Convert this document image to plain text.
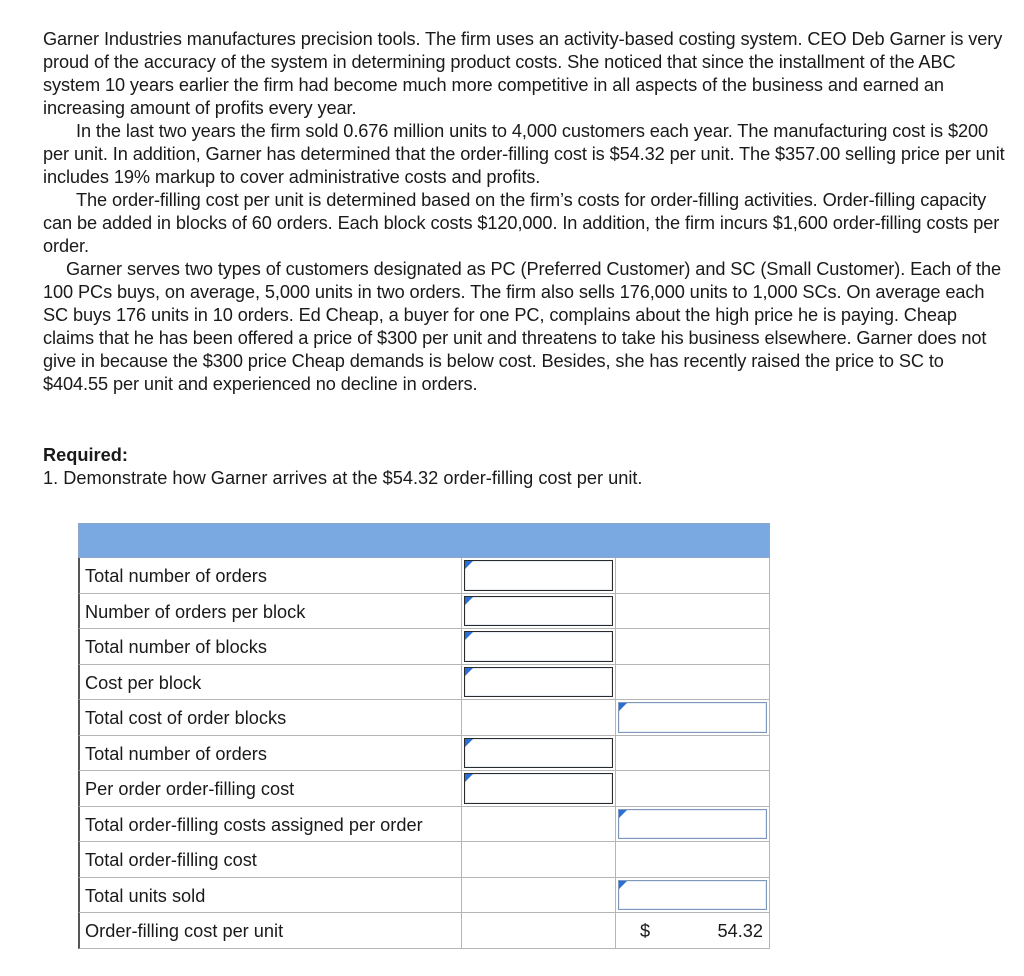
Garner Industries manufactures precision tools. The firm uses an activity-based costing system. CEO Deb Garner is very proud of the accuracy of the system in determining product costs. She noticed that since the installment of the ABC system 10 years earlier the firm had become much more competitive in all aspects of the business and earned an increasing amount of profits every year.

In the last two years the firm sold 0.676 million units to 4,000 customers each year. The manufacturing cost is $200 per unit. In addition, Garner has determined that the order-filling cost is $54.32 per unit. The $357.00 selling price per unit includes 19% markup to cover administrative costs and profits.

The order-filling cost per unit is determined based on the firm’s costs for order-filling activities. Order-filling capacity can be added in blocks of 60 orders. Each block costs $120,000. In addition, the firm incurs $1,600 order-filling costs per order.

Garner serves two types of customers designated as PC (Preferred Customer) and SC (Small Customer). Each of the 100 PCs buys, on average, 5,000 units in two orders. The firm also sells 176,000 units to 1,000 SCs. On average each SC buys 176 units in 10 orders. Ed Cheap, a buyer for one PC, complains about the high price he is paying. Cheap claims that he has been offered a price of $300 per unit and threatens to take his business elsewhere. Garner does not give in because the $300 price Cheap demands is below cost. Besides, she has recently raised the price to SC to $404.55 per unit and experienced no decline in orders.

Required:
1. Demonstrate how Garner arrives at the $54.32 order-filling cost per unit.
Total number of orders
Number of orders per block
Total number of blocks
Cost per block
Total cost of order blocks
Total number of orders
Per order order-filling cost
Total order-filling costs assigned per order
Total order-filling cost
Total units sold
Order-filling cost per unit	$	54.32
